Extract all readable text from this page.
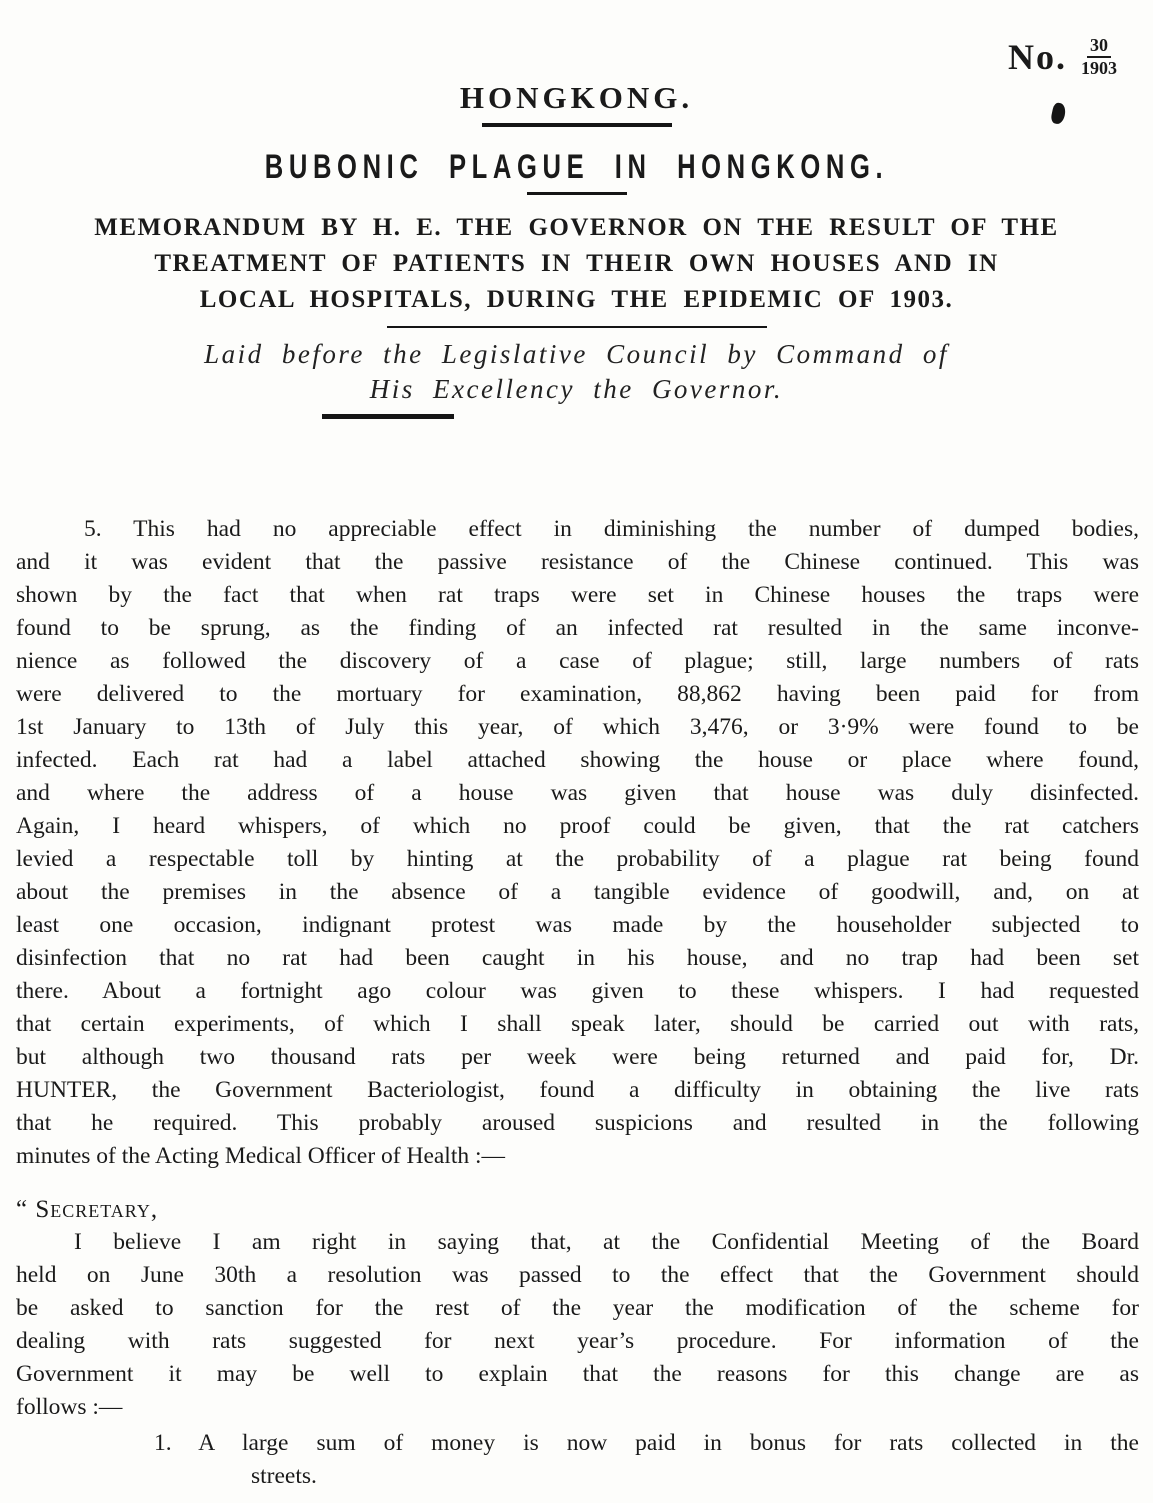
No. $\frac{30}{1903}$
HONGKONG.
BUBONIC PLAGUE IN HONGKONG.
MEMORANDUM BY H. E. THE GOVERNOR ON THE RESULT OF THE
TREATMENT OF PATIENTS IN THEIR OWN HOUSES AND IN
LOCAL HOSPITALS, DURING THE EPIDEMIC OF 1903.
Laid before the Legislative Council by Command of
His Excellency the Governor.
5. This had no appreciable effect in diminishing the number of dumped bodies,
and it was evident that the passive resistance of the Chinese continued. This was
shown by the fact that when rat traps were set in Chinese houses the traps were
found to be sprung, as the finding of an infected rat resulted in the same inconve-
nience as followed the discovery of a case of plague; still, large numbers of rats
were delivered to the mortuary for examination, 88,862 having been paid for from
1st January to 13th of July this year, of which 3,476, or 3·9% were found to be
infected. Each rat had a label attached showing the house or place where found,
and where the address of a house was given that house was duly disinfected.
Again, I heard whispers, of which no proof could be given, that the rat catchers
levied a respectable toll by hinting at the probability of a plague rat being found
about the premises in the absence of a tangible evidence of goodwill, and, on at
least one occasion, indignant protest was made by the householder subjected to
disinfection that no rat had been caught in his house, and no trap had been set
there. About a fortnight ago colour was given to these whispers. I had requested
that certain experiments, of which I shall speak later, should be carried out with rats,
but although two thousand rats per week were being returned and paid for, Dr.
HUNTER, the Government Bacteriologist, found a difficulty in obtaining the live rats
that he required. This probably aroused suspicions and resulted in the following
minutes of the Acting Medical Officer of Health :—
“ Secretary,
I believe I am right in saying that, at the Confidential Meeting of the Board
held on June 30th a resolution was passed to the effect that the Government should
be asked to sanction for the rest of the year the modification of the scheme for
dealing with rats suggested for next year’s procedure. For information of the
Government it may be well to explain that the reasons for this change are as
follows :—
1. A large sum of money is now paid in bonus for rats collected in the
streets.
